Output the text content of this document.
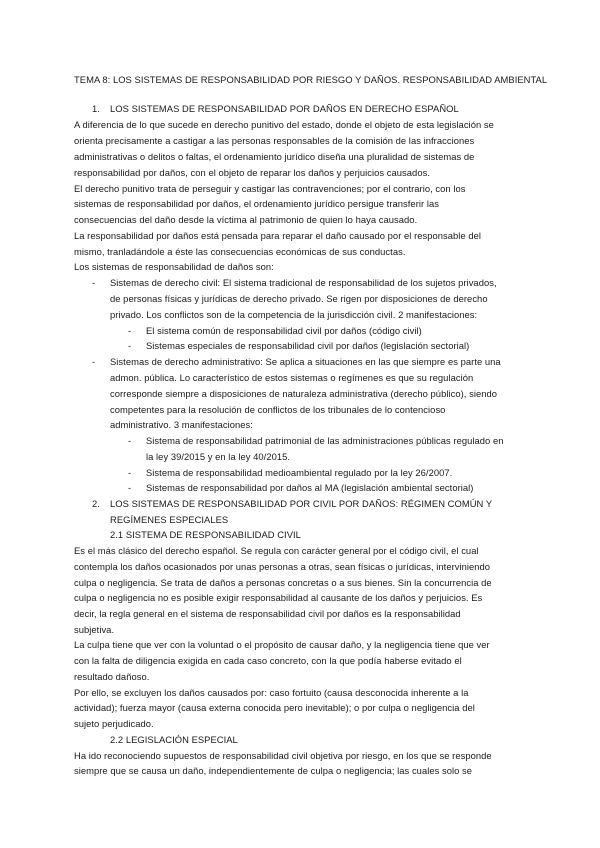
TEMA 8: LOS SISTEMAS DE RESPONSABILIDAD POR RIESGO Y DAÑOS. RESPONSABILIDAD AMBIENTAL
1. LOS SISTEMAS DE RESPONSABILIDAD POR DAÑOS EN DERECHO ESPAÑOL
A diferencia de lo que sucede en derecho punitivo del estado, donde el objeto de esta legislación se
orienta precisamente a castigar a las personas responsables de la comisión de las infracciones
administrativas o delitos o faltas, el ordenamiento jurídico diseña una pluralidad de sistemas de
responsabilidad por daños, con el objeto de reparar los daños y perjuicios causados.
El derecho punitivo trata de perseguir y castigar las contravenciones; por el contrario, con los
sistemas de responsabilidad por daños, el ordenamiento jurídico persigue transferir las
consecuencias del daño desde la víctima al patrimonio de quien lo haya causado.
La responsabilidad por daños está pensada para reparar el daño causado por el responsable del
mismo, tranladándole a éste las consecuencias económicas de sus conductas.
Los sistemas de responsabilidad de daños son:
- Sistemas de derecho civil: El sistema tradicional de responsabilidad de los sujetos privados,
de personas físicas y jurídicas de derecho privado. Se rigen por disposiciones de derecho
privado. Los conflictos son de la competencia de la jurisdicción civil. 2 manifestaciones:
- El sistema común de responsabilidad civil por daños (código civil)
- Sistemas especiales de responsabilidad civil por daños (legislación sectorial)
- Sistemas de derecho administrativo: Se aplica a situaciones en las que siempre es parte una
admon. pública. Lo característico de estos sistemas o regímenes es que su regulación
corresponde siempre a disposiciones de naturaleza administrativa (derecho público), siendo
competentes para la resolución de conflictos de los tribunales de lo contencioso
administrativo. 3 manifestaciones:
- Sistema de responsabilidad patrimonial de las administraciones públicas regulado en
la ley 39/2015 y en la ley 40/2015.
- Sistema de responsabilidad medioambiental regulado por la ley 26/2007.
- Sistemas de responsabilidad por daños al MA (legislación ambiental sectorial)
2. LOS SISTEMAS DE RESPONSABILIDAD POR CIVIL POR DAÑOS: RÉGIMEN COMÚN Y
REGÍMENES ESPECIALES
2.1 SISTEMA DE RESPONSABILIDAD CIVIL
Es el más clásico del derecho español. Se regula con carácter general por el código civil, el cual
contempla los daños ocasionados por unas personas a otras, sean físicas o jurídicas, interviniendo
culpa o negligencia. Se trata de daños a personas concretas o a sus bienes. Sin la concurrencia de
culpa o negligencia no es posible exigir responsabilidad al causante de los daños y perjuicios. Es
decir, la regla general en el sistema de responsabilidad civil por daños es la responsabilidad
subjetiva.
La culpa tiene que ver con la voluntad o el propósito de causar daño, y la negligencia tiene que ver
con la falta de diligencia exigida en cada caso concreto, con la que podía haberse evitado el
resultado dañoso.
Por ello, se excluyen los daños causados por: caso fortuito (causa desconocida inherente a la
actividad); fuerza mayor (causa externa conocida pero inevitable); o por culpa o negligencia del
sujeto perjudicado.
2.2 LEGISLACIÓN ESPECIAL
Ha ido reconociendo supuestos de responsabilidad civil objetiva por riesgo, en los que se responde
siempre que se causa un daño, independientemente de culpa o negligencia; las cuales solo se
